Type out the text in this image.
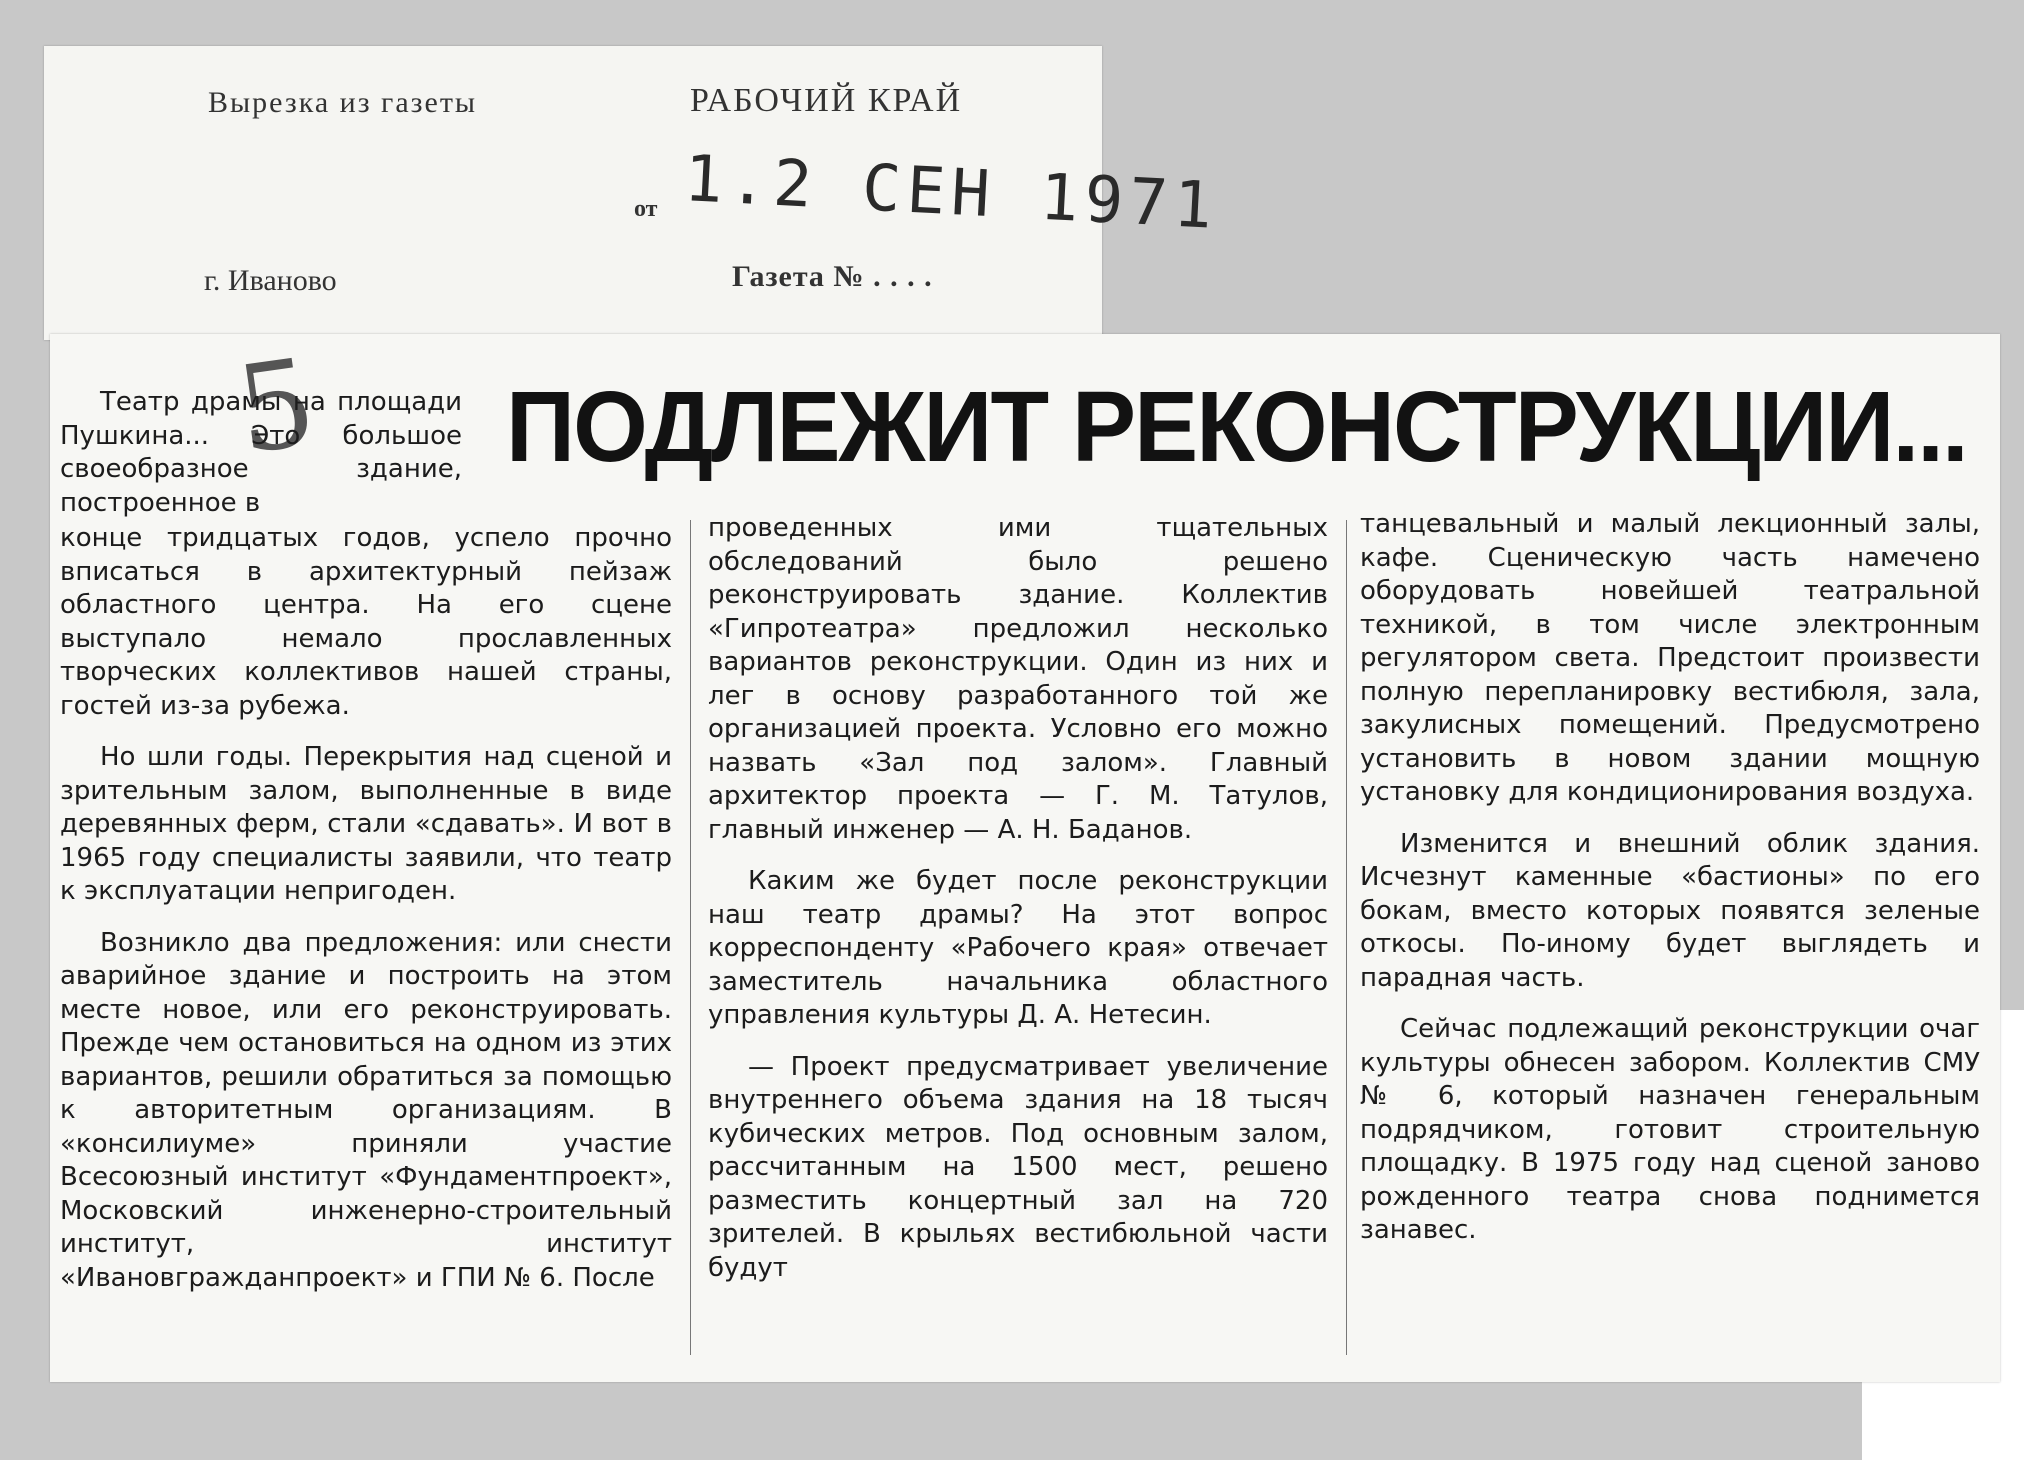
Вырезка из газеты	РАБОЧИЙ КРАЙ
от 1.2 СЕН 1971
г. Иваново	Газета № . . . .
5 ПОДЛЕЖИТ РЕКОНСТРУКЦИИ...

Театр драмы на площади Пушкина... Это большое своеобразное здание, построенное в

конце тридцатых годов, успело прочно вписаться в архитектурный пейзаж областного центра. На его сцене выступало немало прославленных творческих коллективов нашей страны, гостей из-за рубежа.

Но шли годы. Перекрытия над сценой и зрительным залом, выполненные в виде деревянных ферм, стали «сдавать». И вот в 1965 году специалисты заявили, что театр к эксплуатации непригоден.

Возникло два предложения: или снести аварийное здание и построить на этом месте новое, или его реконструировать. Прежде чем остановиться на одном из этих вариантов, решили обратиться за помощью к авторитетным организациям. В «консилиуме» приняли участие Всесоюзный институт «Фундаментпроект», Московский инженерно-строительный институт, институт «Ивановгражданпроект» и ГПИ № 6. После

проведенных ими тщательных обследований было решено реконструировать здание. Коллектив «Гипротеатра» предложил несколько вариантов реконструкции. Один из них и лег в основу разработанного той же организацией проекта. Условно его можно назвать «Зал под залом». Главный архитектор проекта — Г. М. Татулов, главный инженер — А. Н. Баданов.

Каким же будет после реконструкции наш театр драмы? На этот вопрос корреспонденту «Рабочего края» отвечает заместитель начальника областного управления культуры Д. А. Нетесин.

— Проект предусматривает увеличение внутреннего объема здания на 18 тысяч кубических метров. Под основным залом, рассчитанным на 1500 мест, решено разместить концертный зал на 720 зрителей. В крыльях вестибюльной части будут

танцевальный и малый лекционный залы, кафе. Сценическую часть намечено оборудовать новейшей театральной техникой, в том числе электронным регулятором света. Предстоит произвести полную перепланировку вестибюля, зала, закулисных помещений. Предусмотрено установить в новом здании мощную установку для кондиционирования воздуха.

Изменится и внешний облик здания. Исчезнут каменные «бастионы» по его бокам, вместо которых появятся зеленые откосы. По-иному будет выглядеть и парадная часть.

Сейчас подлежащий реконструкции очаг культуры обнесен забором. Коллектив СМУ № 6, который назначен генеральным подрядчиком, готовит строительную площадку. В 1975 году над сценой заново рожденного театра снова поднимется занавес.
